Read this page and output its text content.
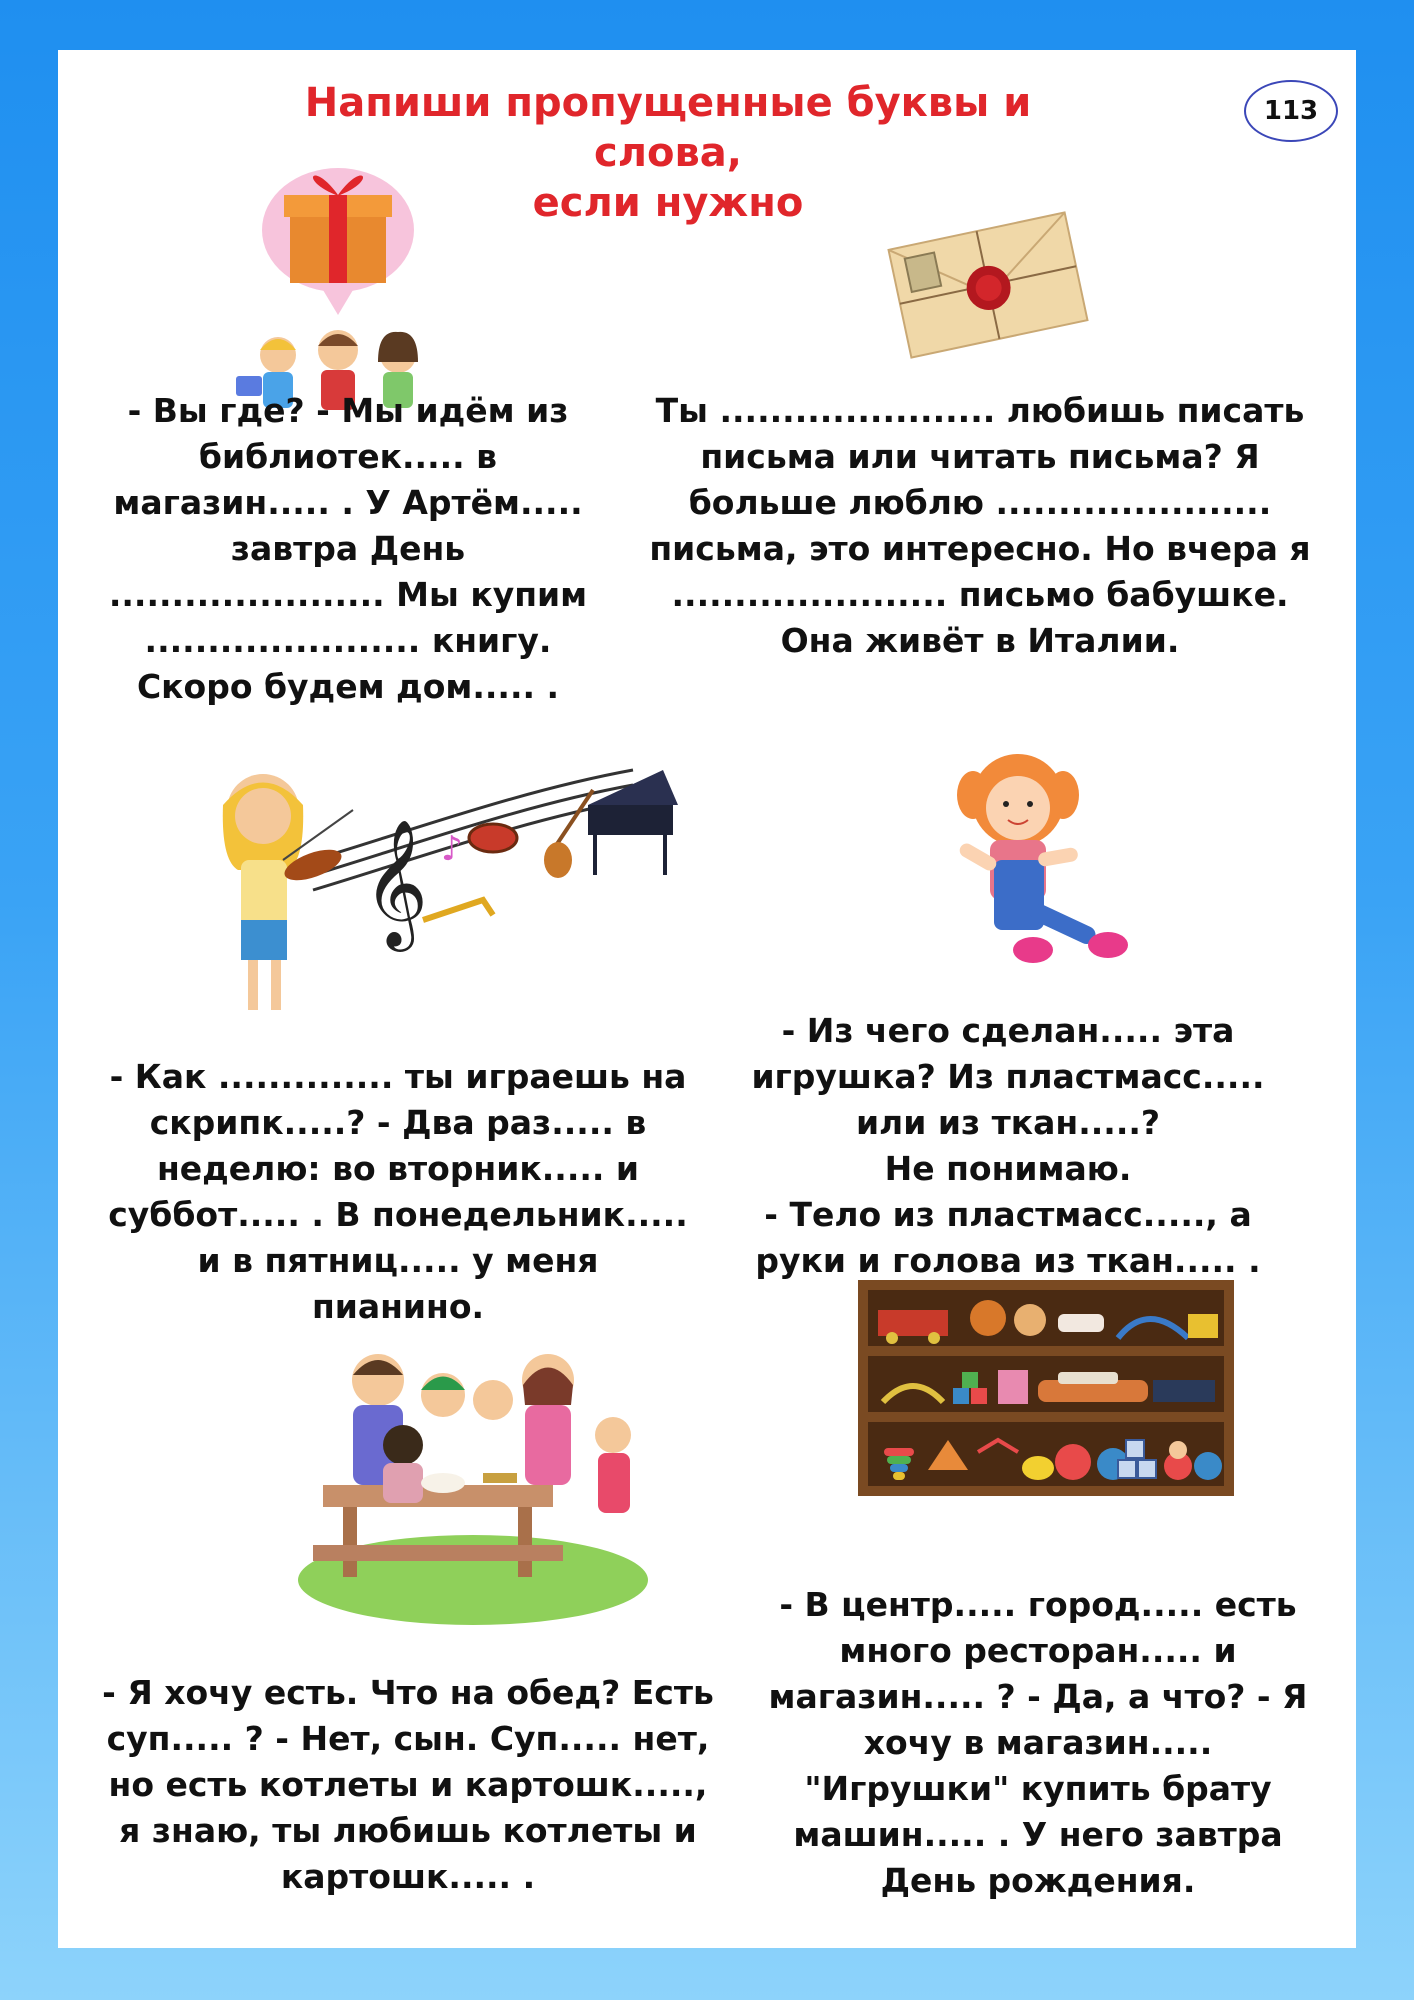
Напиши пропущенные буквы и слова,
если нужно
113
𝄞 ♪

- Вы где? - Мы идём из

библиотек..... в

магазин..... . У Артём.....

завтра День

...................... Мы купим

...................... книгу.

Скоро будем дом..... .

Ты ...................... любишь писать

письма или читать письма? Я

больше люблю ......................

письма, это интересно. Но вчера я

...................... письмо бабушке.

Она живёт в Италии.

- Как .............. ты играешь на

скрипк.....? - Два раз..... в

неделю: во вторник..... и

суббот..... . В понедельник.....

и в пятниц..... у меня пианино.

- Из чего сделан..... эта

игрушка? Из пластмасс.....

или из ткан.....?

Не понимаю.

- Тело из пластмасс....., а

руки и голова из ткан..... .

- Я хочу есть. Что на обед? Есть

суп..... ? - Нет, сын. Суп..... нет,

но есть котлеты и картошк.....,

я знаю, ты любишь котлеты и

картошк..... .

- В центр..... город..... есть

много ресторан..... и

магазин..... ? - Да, а что? - Я

хочу в магазин.....

"Игрушки" купить брату

машин..... . У него завтра

День рождения.
